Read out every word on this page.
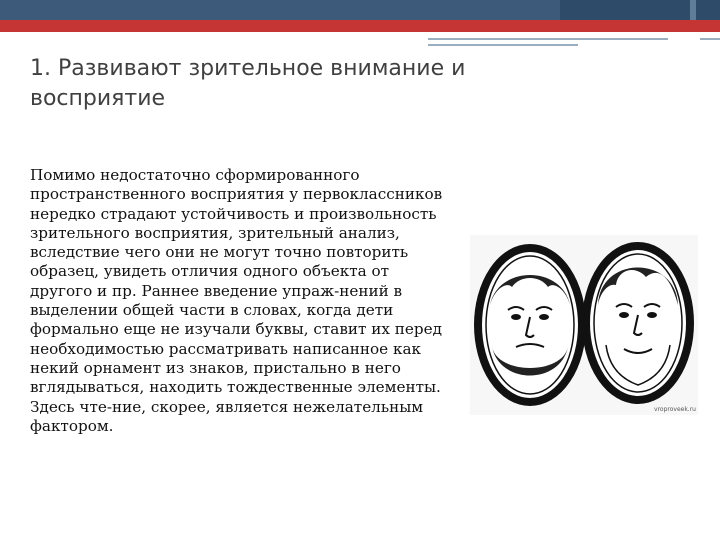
1. Развивают зрительное внимание и восприятие

Помимо недостаточно сформированного пространственного восприятия у первоклассников нередко страдают устойчивость и произвольность зрительного восприятия, зрительный анализ, вследствие чего они не могут точно повторить образец, увидеть отличия одного объекта от другого и пр. Раннее введение упраж-нений в выделении общей части в словах, когда дети формально еще не изучали буквы, ставит их перед необходимостью рассматривать написанное как некий орнамент из знаков, пристально в него вглядываться, находить тождественные элементы. Здесь чте-ние, скорее, является нежелательным фактором.

vroproveek.ru
